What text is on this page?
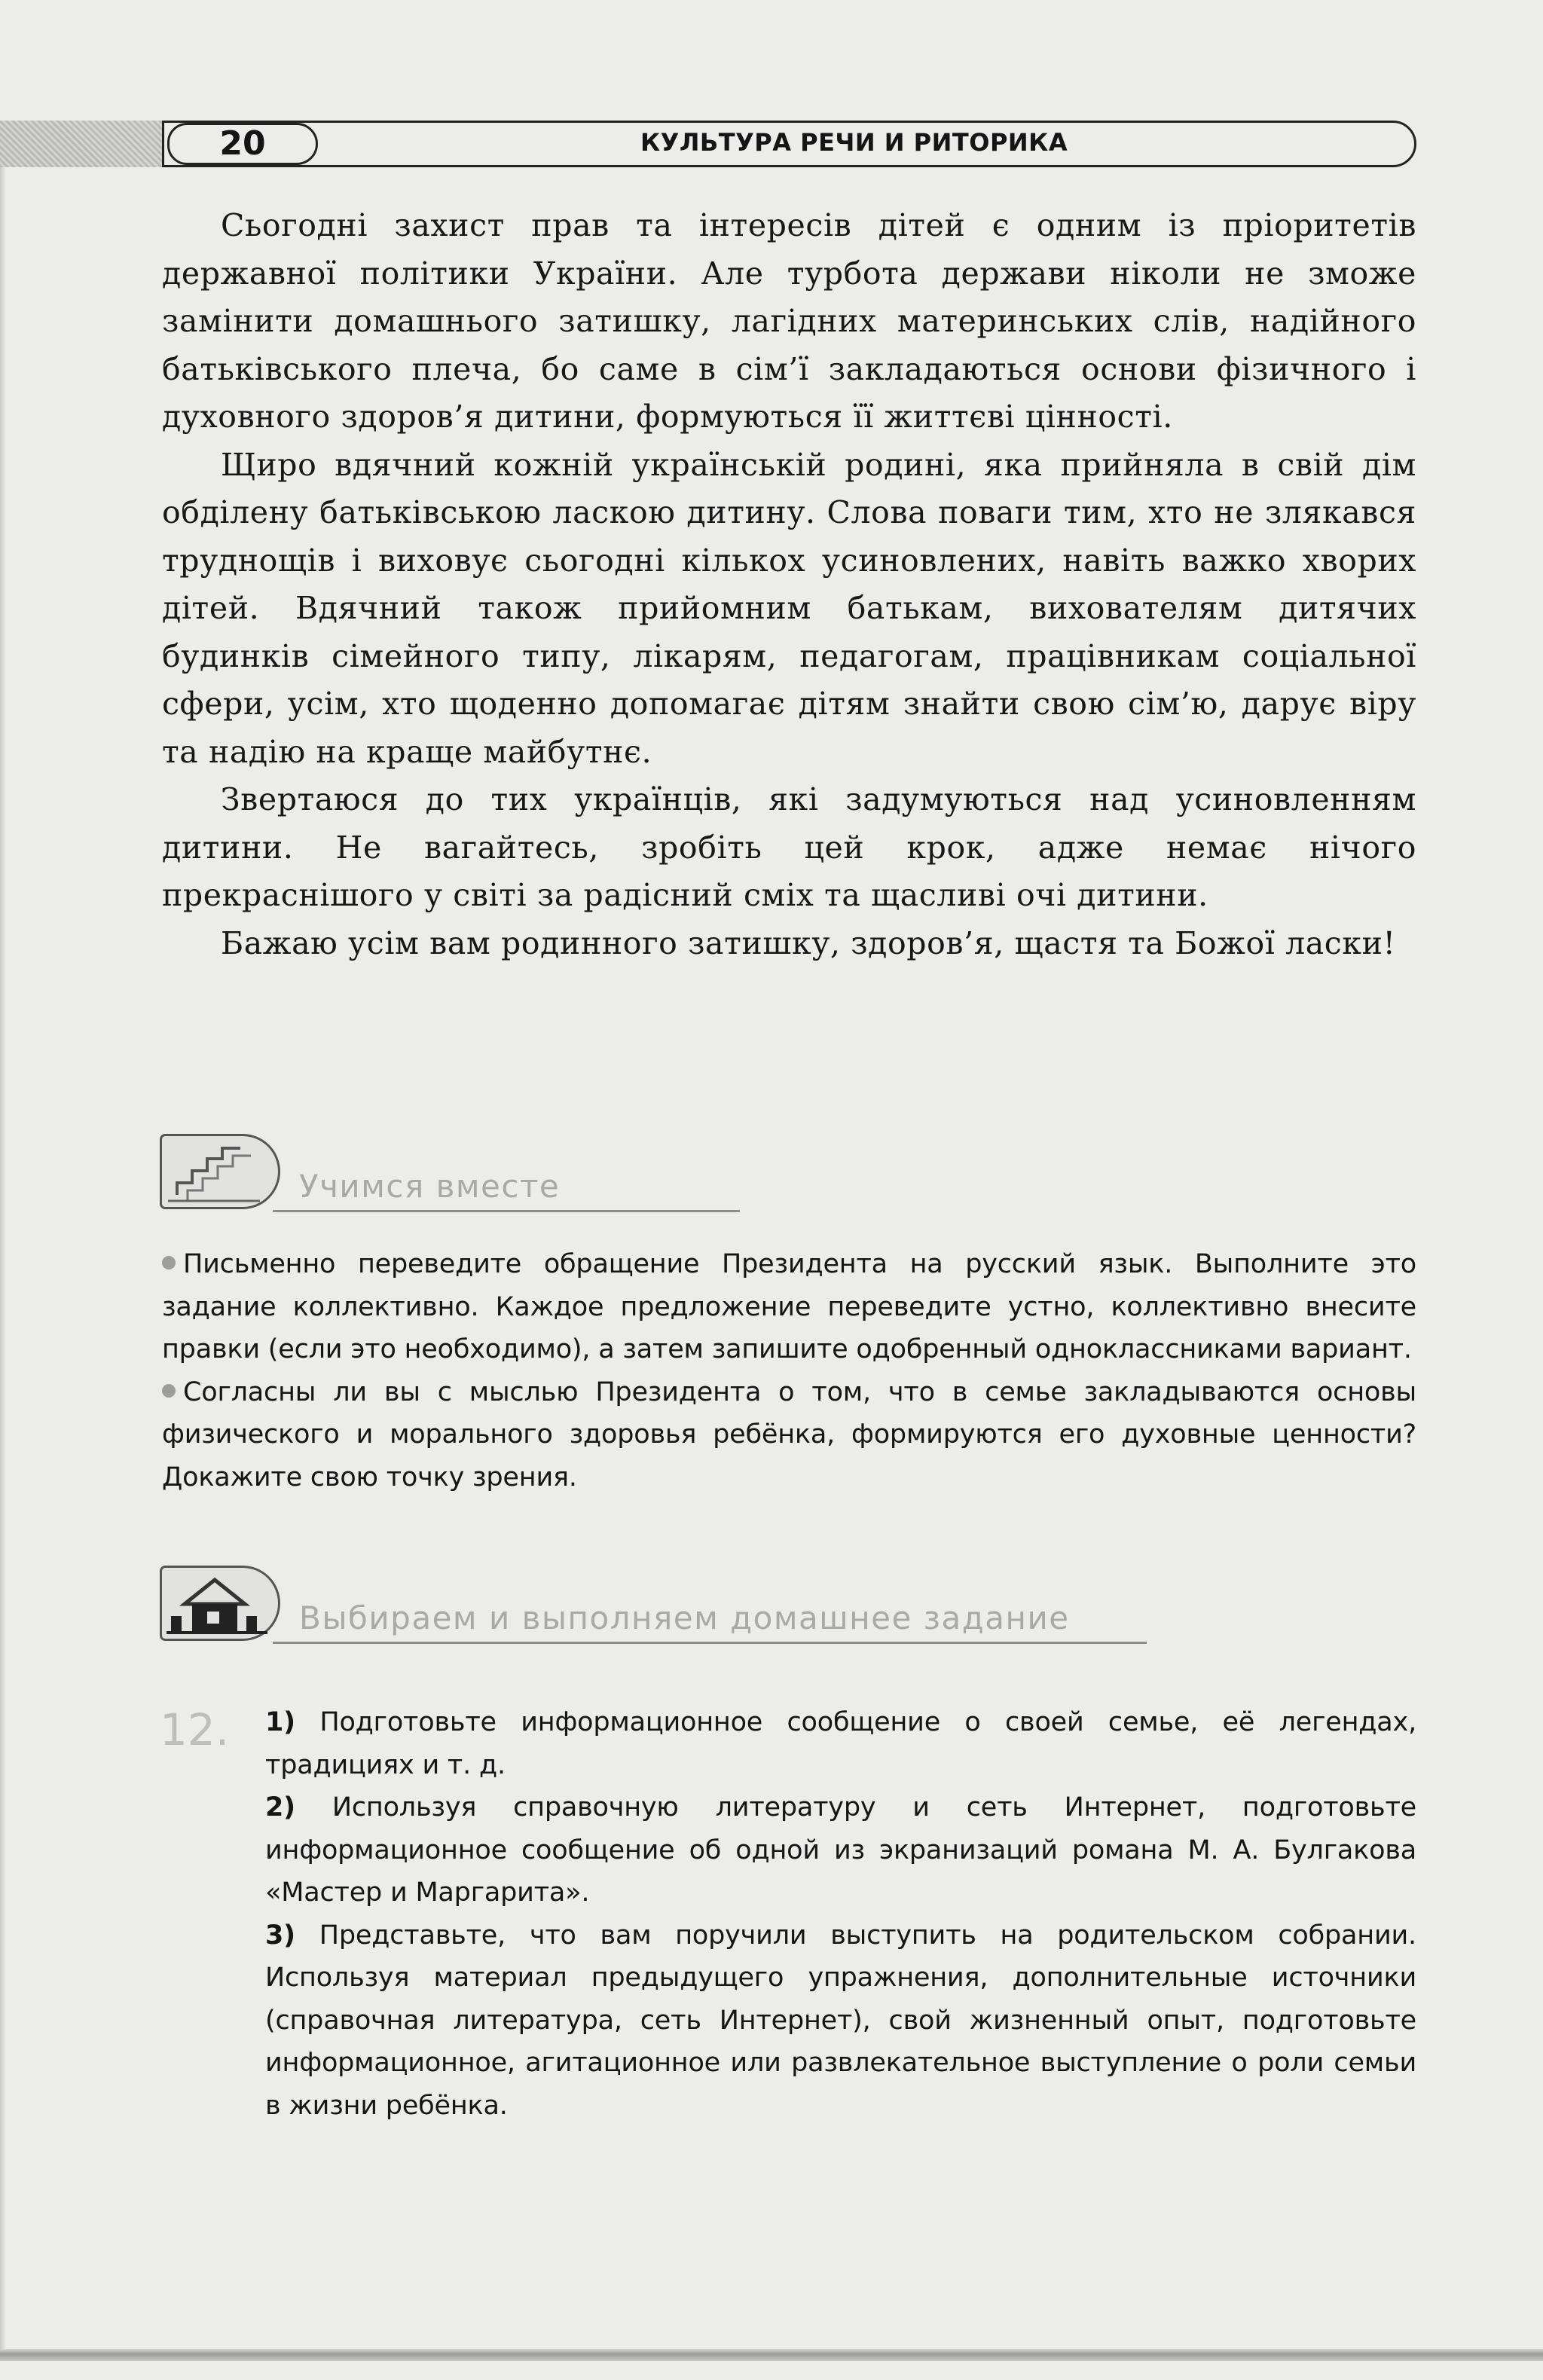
20	КУЛЬТУРА РЕЧИ И РИТОРИКА

Сьогодні захист прав та інтересів дітей є одним із пріоритетів державної політики України. Але турбота держави ніколи не зможе замінити домашнього затишку, лагідних материнських слів, надійного батьківського плеча, бо саме в сім’ї закладаються основи фізичного і духовного здоров’я дитини, формуються її життєві цінності.

Щиро вдячний кожній українській родині, яка прийняла в свій дім обділену батьківською ласкою дитину. Слова поваги тим, хто не злякався труднощів і виховує сьогодні кількох усиновлених, навіть важко хворих дітей. Вдячний також прийомним батькам, вихователям дитячих будинків сімейного типу, лікарям, педагогам, працівникам соціальної сфери, усім, хто щоденно допомагає дітям знайти свою сім’ю, дарує віру та надію на краще майбутнє.

Звертаюся до тих українців, які задумуються над усиновленням дитини. Не вагайтесь, зробіть цей крок, адже немає нічого прекраснішого у світі за радісний сміх та щасливі очі дитини.

Бажаю усім вам родинного затишку, здоров’я, щастя та Божої ласки!

Учимся вместе

Письменно переведите обращение Президента на русский язык. Выполните это задание коллективно. Каждое предложение переведите устно, коллективно внесите правки (если это необходимо), а затем запишите одобренный одноклассниками вариант.

Согласны ли вы с мыслью Президента о том, что в семье закладываются основы физического и морального здоровья ребёнка, формируются его духовные ценности? Докажите свою точку зрения.

Выбираем и выполняем домашнее задание
12. 1) Подготовьте информационное сообщение о своей семье, её легендах, традициях и т. д.

2) Используя справочную литературу и сеть Интернет, подготовьте информационное сообщение об одной из экранизаций романа М. А. Булгакова «Мастер и Маргарита».

3) Представьте, что вам поручили выступить на родительском собрании. Используя материал предыдущего упражнения, дополнительные источники (справочная литература, сеть Интернет), свой жизненный опыт, подготовьте информационное, агитационное или развлекательное выступление о роли семьи в жизни ребёнка.
